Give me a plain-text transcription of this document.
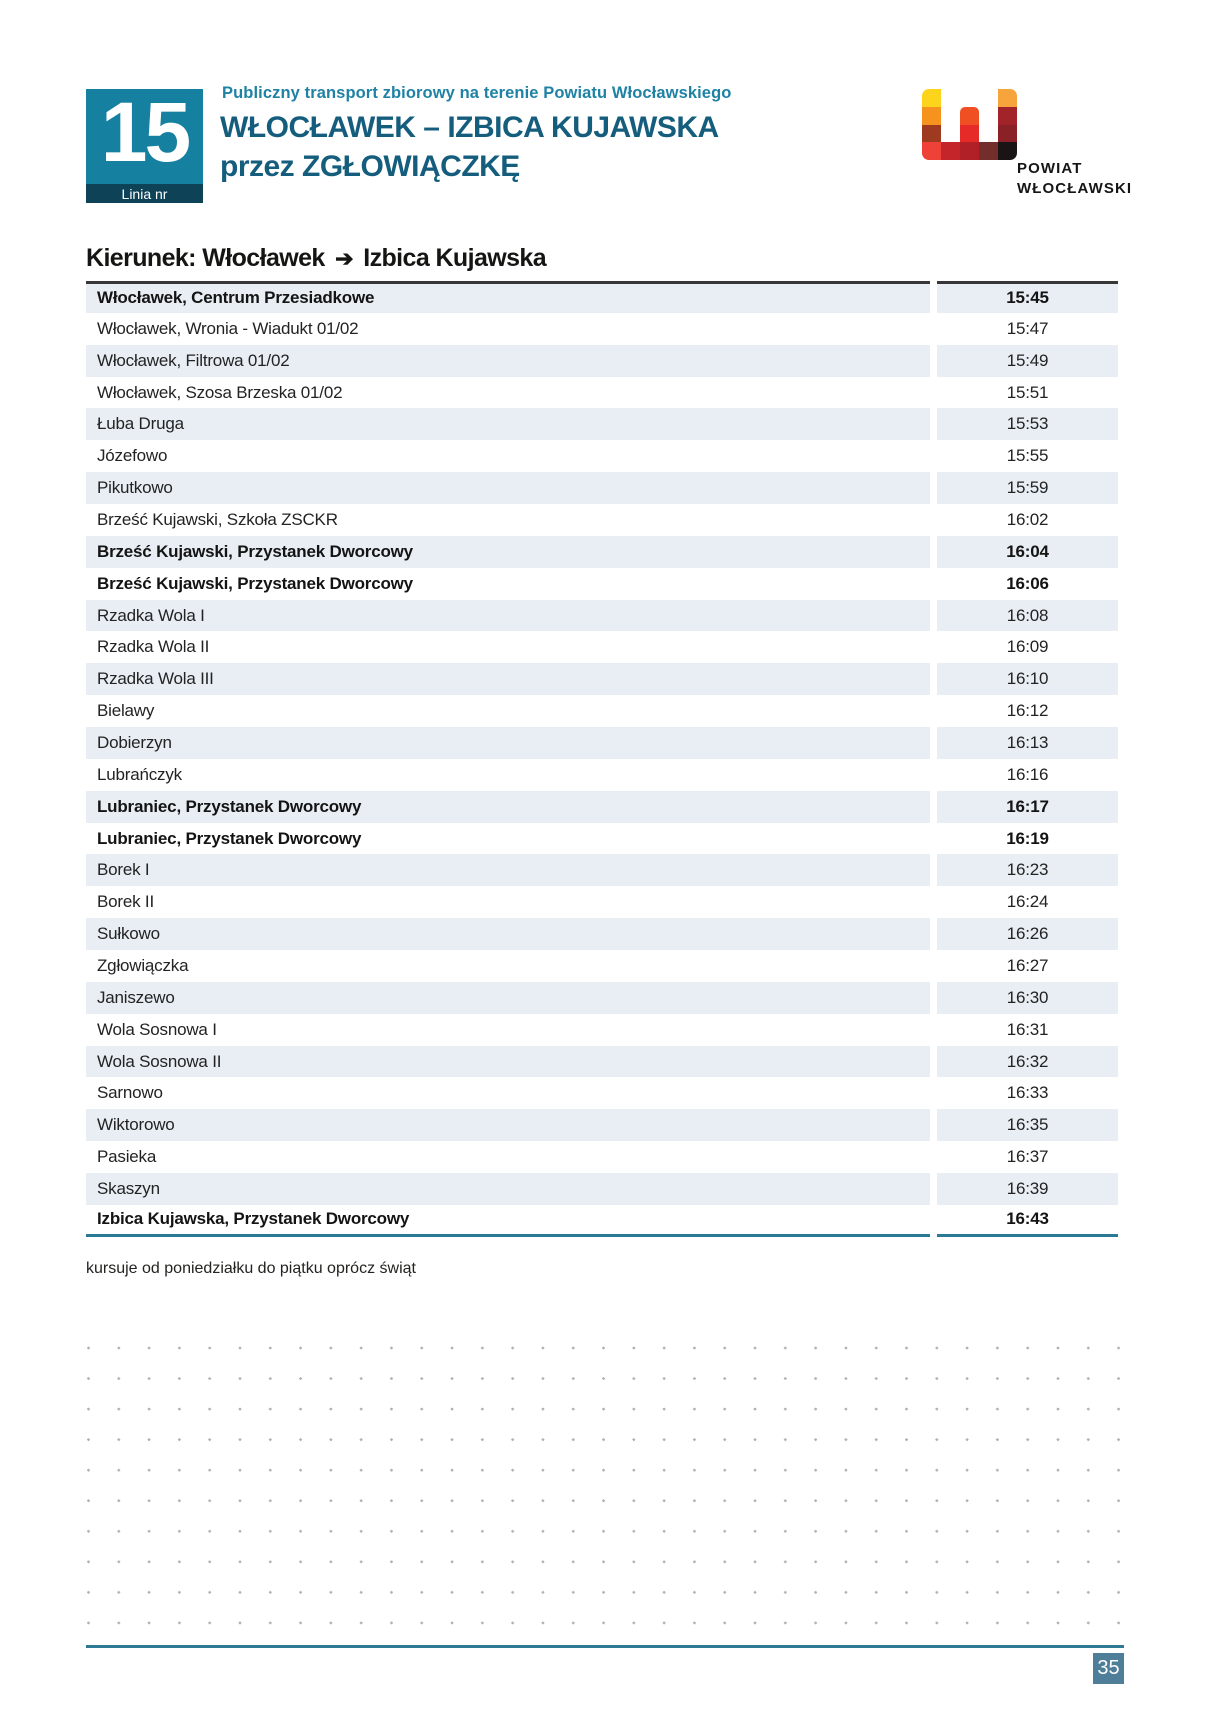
15
Linia nr
Publiczny transport zbiorowy na terenie Powiatu Włocławskiego
WŁOCŁAWEK – IZBICA KUJAWSKA
przez ZGŁOWIĄCZKĘ	POWIAT
WŁOCŁAWSKI
Kierunek: Włocławek ➔ Izbica Kujawska
Włocławek, Centrum Przesiadkowe	15:45
Włocławek, Wronia - Wiadukt 01/02	15:47
Włocławek, Filtrowa 01/02	15:49
Włocławek, Szosa Brzeska 01/02	15:51
Łuba Druga	15:53
Józefowo	15:55
Pikutkowo	15:59
Brześć Kujawski, Szkoła ZSCKR	16:02
Brześć Kujawski, Przystanek Dworcowy	16:04
Brześć Kujawski, Przystanek Dworcowy	16:06
Rzadka Wola I	16:08
Rzadka Wola II	16:09
Rzadka Wola III	16:10
Bielawy	16:12
Dobierzyn	16:13
Lubrańczyk	16:16
Lubraniec, Przystanek Dworcowy	16:17
Lubraniec, Przystanek Dworcowy	16:19
Borek I	16:23
Borek II	16:24
Sułkowo	16:26
Zgłowiączka	16:27
Janiszewo	16:30
Wola Sosnowa I	16:31
Wola Sosnowa II	16:32
Sarnowo	16:33
Wiktorowo	16:35
Pasieka	16:37
Skaszyn	16:39
Izbica Kujawska, Przystanek Dworcowy	16:43
kursuje od poniedziałku do piątku oprócz świąt
35
